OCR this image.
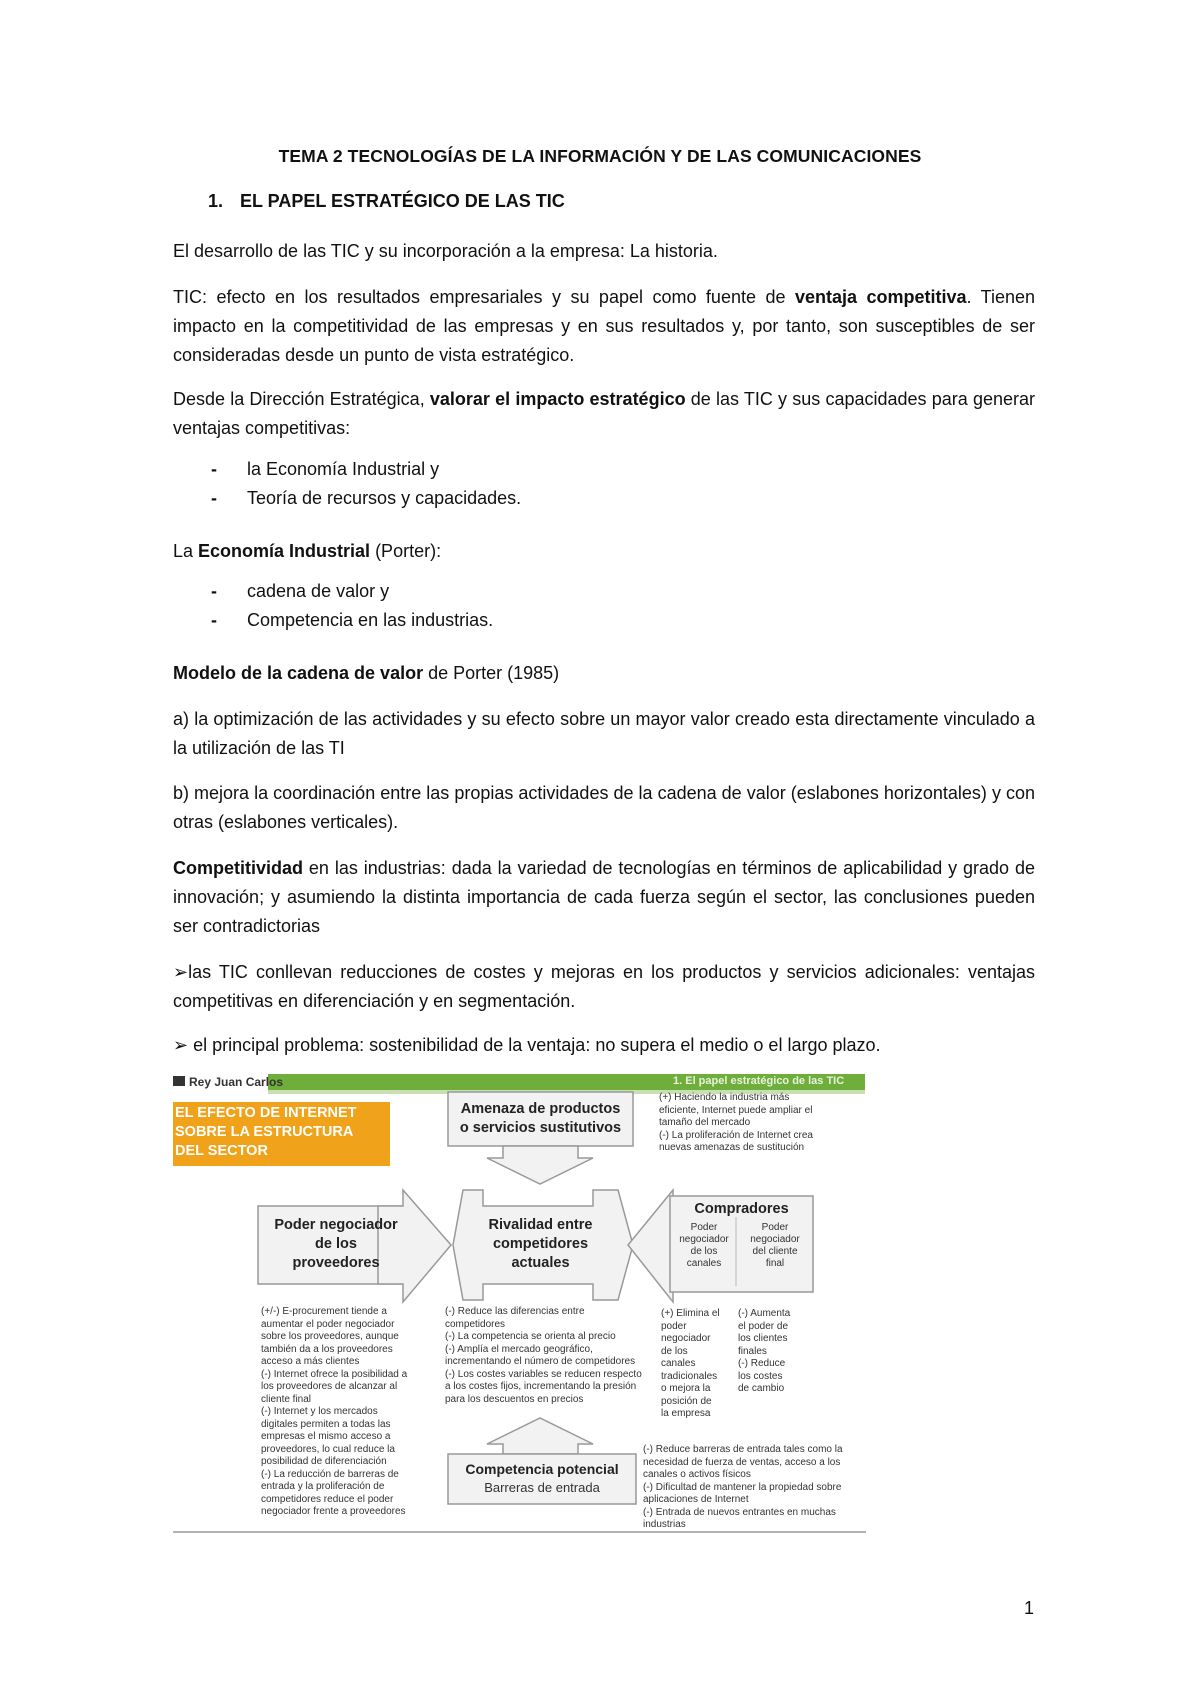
TEMA 2 TECNOLOGÍAS DE LA INFORMACIÓN Y DE LAS COMUNICACIONES
1. EL PAPEL ESTRATÉGICO DE LAS TIC

El desarrollo de las TIC y su incorporación a la empresa: La historia.

TIC: efecto en los resultados empresariales y su papel como fuente de ventaja competitiva. Tienen impacto en la competitividad de las empresas y en sus resultados y, por tanto, son susceptibles de ser consideradas desde un punto de vista estratégico.

Desde la Dirección Estratégica, valorar el impacto estratégico de las TIC y sus capacidades para generar ventajas competitivas:

- la Economía Industrial y
- Teoría de recursos y capacidades.

La Economía Industrial (Porter):

- cadena de valor y
- Competencia en las industrias.

Modelo de la cadena de valor de Porter (1985)

a) la optimización de las actividades y su efecto sobre un mayor valor creado esta directamente vinculado a la utilización de las TI

b) mejora la coordinación entre las propias actividades de la cadena de valor (eslabones horizontales) y con otras (eslabones verticales).

Competitividad en las industrias: dada la variedad de tecnologías en términos de aplicabilidad y grado de innovación; y asumiendo la distinta importancia de cada fuerza según el sector, las conclusiones pueden ser contradictorias

➢las TIC conllevan reducciones de costes y mejoras en los productos y servicios adicionales: ventajas competitivas en diferenciación y en segmentación.

➢ el principal problema: sostenibilidad de la ventaja: no supera el medio o el largo plazo.

Rey Juan Carlos	1. El papel estratégico de las TIC
EL EFECTO DE INTERNET
SOBRE LA ESTRUCTURA
DEL SECTOR
Amenaza de productos
o servicios sustitutivos
(+) Haciendo la industria más
eficiente, Internet puede ampliar el
tamaño del mercado
(-) La proliferación de Internet crea
nuevas amenazas de sustitución
Poder negociador
de los
proveedores
Rivalidad entre
competidores
actuales
Compradores
Poder
negociador
de los
canales
Poder
negociador
del cliente
final
(+/-) E-procurement tiende a
aumentar el poder negociador
sobre los proveedores, aunque
también da a los proveedores
acceso a más clientes
(-) Internet ofrece la posibilidad a
los proveedores de alcanzar al
cliente final
(-) Internet y los mercados
digitales permiten a todas las
empresas el mismo acceso a
proveedores, lo cual reduce la
posibilidad de diferenciación
(-) La reducción de barreras de
entrada y la proliferación de
competidores reduce el poder
negociador frente a proveedores
(-) Reduce las diferencias entre
competidores
(-) La competencia se orienta al precio
(-) Amplía el mercado geográfico,
incrementando el número de competidores
(-) Los costes variables se reducen respecto
a los costes fijos, incrementando la presión
para los descuentos en precios
(+) Elimina el
poder
negociador
de los
canales
tradicionales
o mejora la
posición de
la empresa
(-) Aumenta
el poder de
los clientes
finales
(-) Reduce
los costes
de cambio
Competencia potencial
Barreras de entrada
(-) Reduce barreras de entrada tales como la
necesidad de fuerza de ventas, acceso a los
canales o activos físicos
(-) Dificultad de mantener la propiedad sobre
aplicaciones de Internet
(-) Entrada de nuevos entrantes en muchas
industrias
1
